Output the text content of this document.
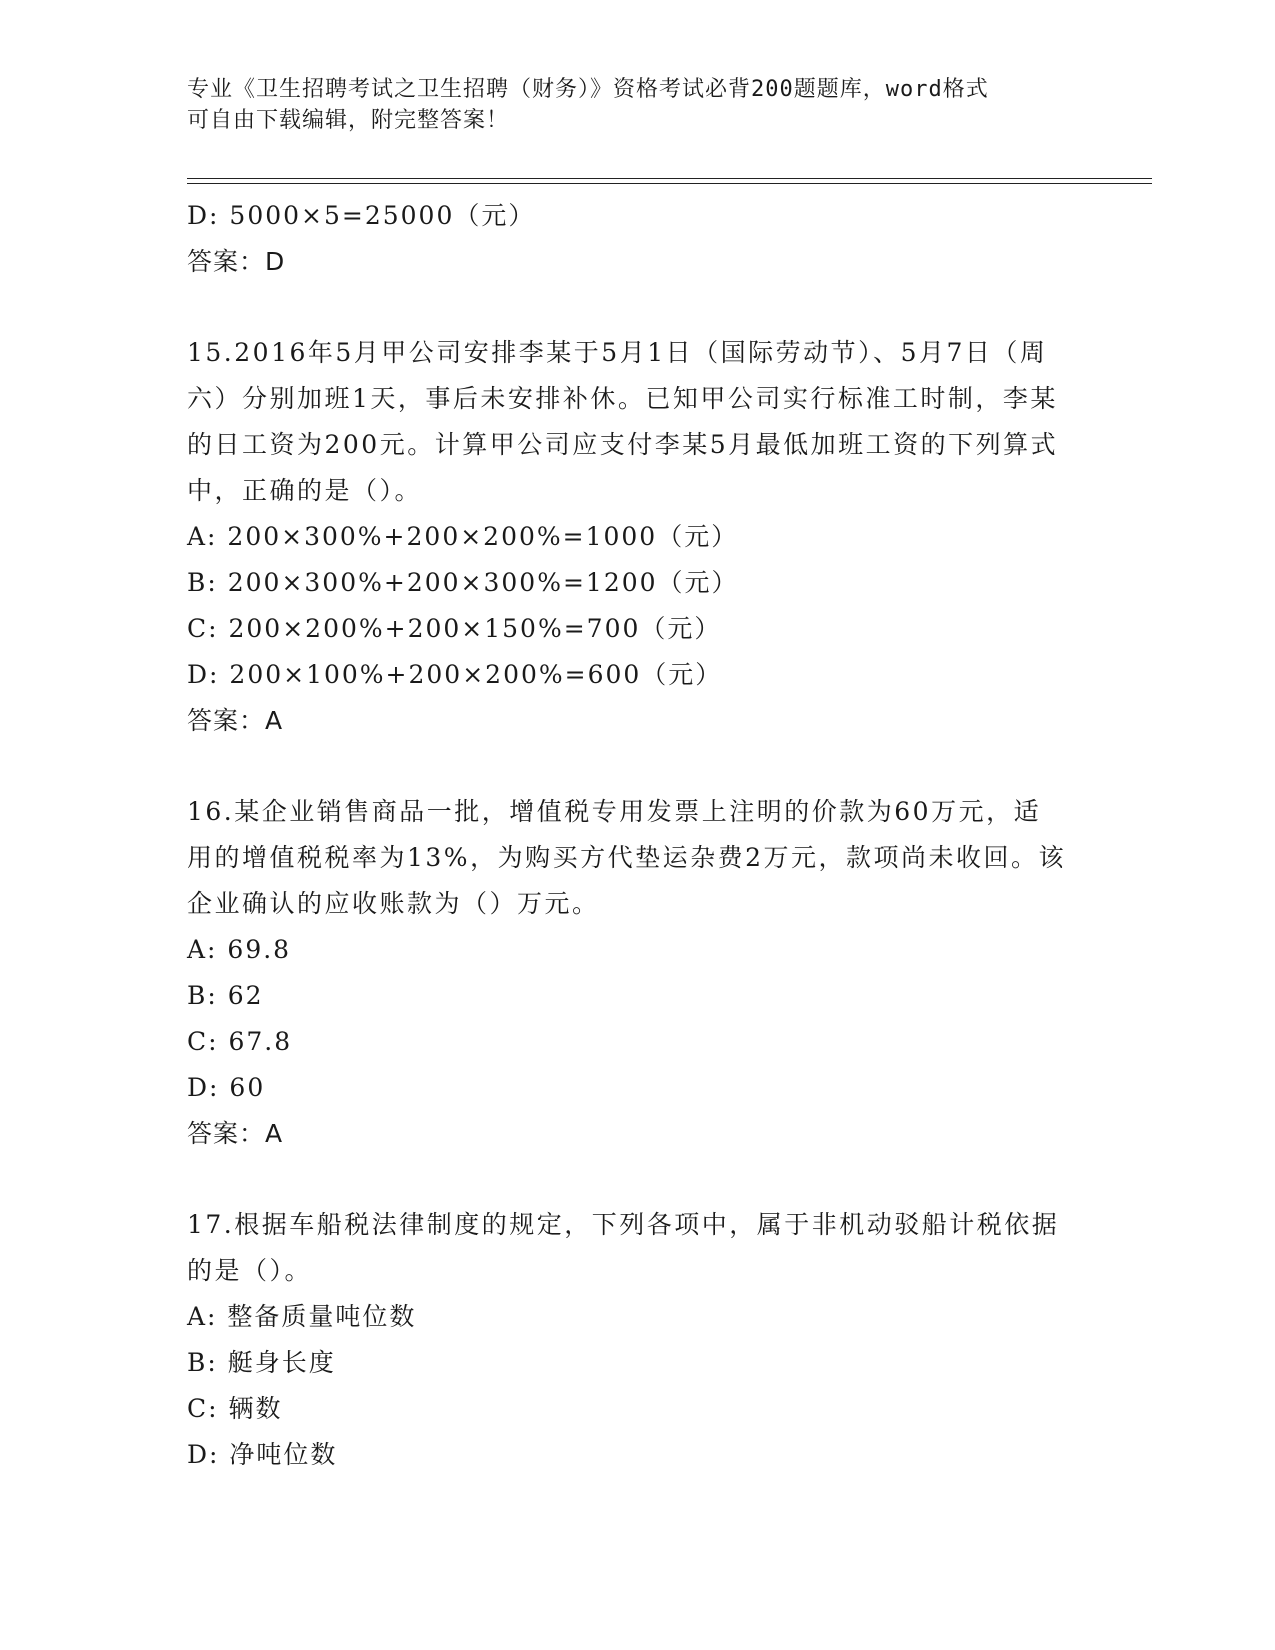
专业《卫生招聘考试之卫生招聘（财务）》资格考试必背200题题库，word格式
可自由下载编辑，附完整答案！
D: 5000×5=25000（元）
答案：D
15.2016年5月甲公司安排李某于5月1日（国际劳动节）、5月7日（周六）分别加班1天，事后未安排补休。已知甲公司实行标准工时制，李某的日工资为200元。计算甲公司应支付李某5月最低加班工资的下列算式中，正确的是（）。
A: 200×300%+200×200%=1000（元）
B: 200×300%+200×300%=1200（元）
C: 200×200%+200×150%=700（元）
D: 200×100%+200×200%=600（元）
答案：A
16.某企业销售商品一批，增值税专用发票上注明的价款为60万元，适用的增值税税率为13%，为购买方代垫运杂费2万元，款项尚未收回。该企业确认的应收账款为（）万元。
A: 69.8
B: 62
C: 67.8
D: 60
答案：A
17.根据车船税法律制度的规定，下列各项中，属于非机动驳船计税依据的是（）。
A: 整备质量吨位数
B: 艇身长度
C: 辆数
D: 净吨位数
